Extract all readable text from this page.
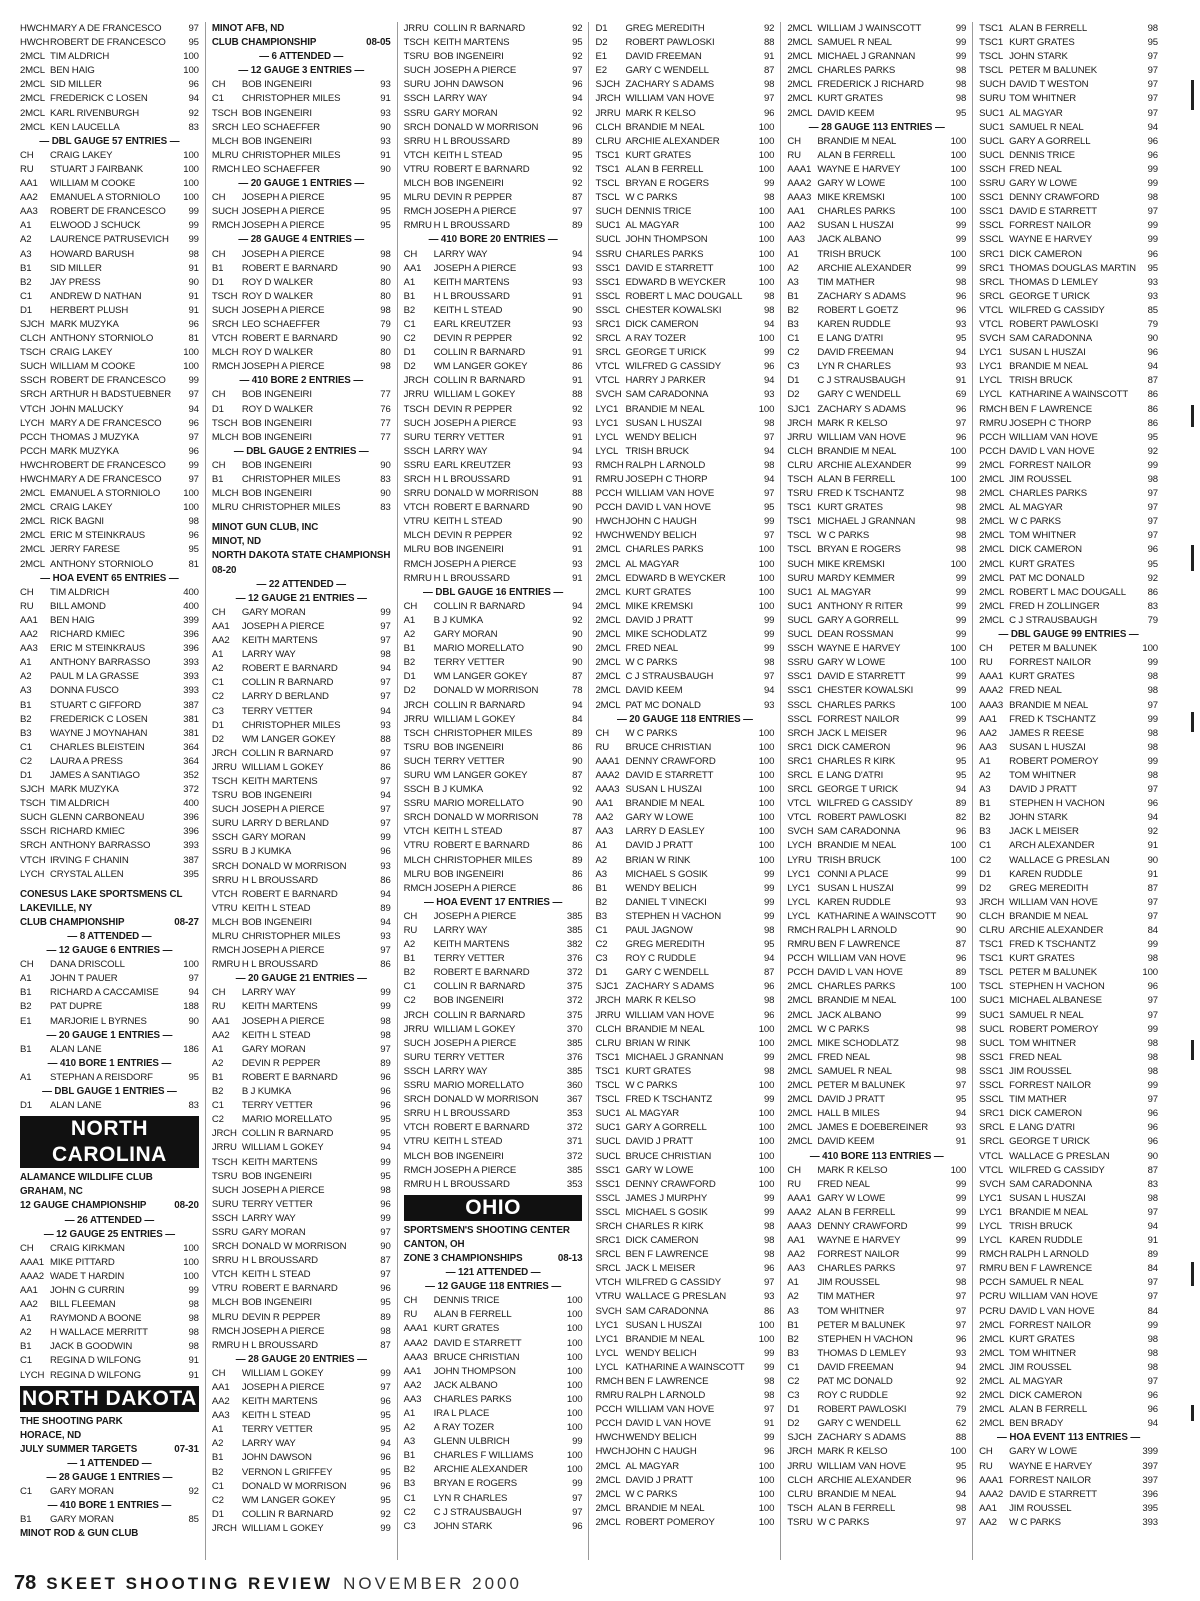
HWCH MARY A DE FRANCESCO	97
HWCH ROBERT DE FRANCESCO	95
2MCL TIM ALDRICH	100
2MCL BEN HAIG	100
2MCL SID MILLER	96
2MCL FREDERICK C LOSEN	94
2MCL KARL RIVENBURGH	92
2MCL KEN LAUCELLA	83
— DBL GAUGE 57 ENTRIES —
CH	CRAIG LAKEY	100
RU	STUART J FAIRBANK	100
AA1	WILLIAM M COOKE	100
AA2	EMANUEL A STORNIOLO	100
AA3	ROBERT DE FRANCESCO	99
A1	ELWOOD J SCHUCK	99
A2	LAURENCE PATRUSEVICH	99
A3	HOWARD BARUSH	98
B1	SID MILLER	91
B2	JAY PRESS	90
C1	ANDREW D NATHAN	91
D1	HERBERT PLUSH	91
SJCH MARK MUZYKA	96
CLCH ANTHONY STORNIOLO	81
TSCH CRAIG LAKEY	100
SUCH WILLIAM M COOKE	100
SSCH ROBERT DE FRANCESCO	99
SRCH ARTHUR H BADSTUEBNER	97
VTCH JOHN MALUCKY	94
LYCH MARY A DE FRANCESCO	96
PCCH THOMAS J MUZYKA	97
PCCH MARK MUZYKA	96
HWCH ROBERT DE FRANCESCO	99
HWCH MARY A DE FRANCESCO	97
2MCL EMANUEL A STORNIOLO	100
2MCL CRAIG LAKEY	100
2MCL RICK BAGNI	98
2MCL ERIC M STEINKRAUS	96
2MCL JERRY FARESE	95
2MCL ANTHONY STORNIOLO	81
— HOA EVENT 65 ENTRIES —
CH	TIM ALDRICH	400
RU	BILL AMOND	400
AA1	BEN HAIG	399
AA2	RICHARD KMIEC	396
AA3	ERIC M STEINKRAUS	396
A1	ANTHONY BARRASSO	393
A2	PAUL M LA GRASSE	393
A3	DONNA FUSCO	393
B1	STUART C GIFFORD	387
B2	FREDERICK C LOSEN	381
B3	WAYNE J MOYNAHAN	381
C1	CHARLES BLEISTEIN	364
C2	LAURA A PRESS	364
D1	JAMES A SANTIAGO	352
SJCH MARK MUZYKA	372
TSCH TIM ALDRICH	400
SUCH GLENN CARBONEAU	396
SSCH RICHARD KMIEC	396
SRCH ANTHONY BARRASSO	393
VTCH IRVING F CHANIN	387
LYCH CRYSTAL ALLEN	395
CONESUS LAKE SPORTSMENS CL
LAKEVILLE, NY
CLUB CHAMPIONSHIP	08-27
— 8 ATTENDED —
— 12 GAUGE 6 ENTRIES —
CH	DANA DRISCOLL	100
A1	JOHN T PAUER	97
B1	RICHARD A CACCAMISE	94
B2	PAT DUPRE	188
E1	MARJORIE L BYRNES	90
— 20 GAUGE 1 ENTRIES —
B1	ALAN LANE	186
— 410 BORE 1 ENTRIES —
A1	STEPHAN A REISDORF	95
— DBL GAUGE 1 ENTRIES —
D1	ALAN LANE	83
NORTH CAROLINA
ALAMANCE WILDLIFE CLUB
GRAHAM, NC
12 GAUGE CHAMPIONSHIP	08-20
— 26 ATTENDED —
— 12 GAUGE 25 ENTRIES —
CH	CRAIG KIRKMAN	100
AAA1 MIKE PITTARD	100
AAA2 WADE T HARDIN	100
AA1	JOHN G CURRIN	99
AA2	BILL FLEEMAN	98
A1	RAYMOND A BOONE	98
A2	H WALLACE MERRITT	98
B1	JACK B GOODWIN	98
C1	REGINA D WILFONG	91
LYCH REGINA D WILFONG	91
NORTH DAKOTA
THE SHOOTING PARK
HORACE, ND
JULY SUMMER TARGETS	07-31
— 1 ATTENDED —
— 28 GAUGE 1 ENTRIES —
C1	GARY MORAN	92
— 410 BORE 1 ENTRIES —
B1	GARY MORAN	85
MINOT ROD & GUN CLUB
MINOT AFB, ND
CLUB CHAMPIONSHIP	08-05
— 6 ATTENDED —
— 12 GAUGE 3 ENTRIES —
CH	BOB INGENEIRI	93
C1	CHRISTOPHER MILES	91
TSCH BOB INGENEIRI	93
SRCH LEO SCHAEFFER	90
MLCH BOB INGENEIRI	93
MLRU CHRISTOPHER MILES	91
RMCH LEO SCHAEFFER	90
— 20 GAUGE 1 ENTRIES —
CH	JOSEPH A PIERCE	95
SUCH JOSEPH A PIERCE	95
RMCH JOSEPH A PIERCE	95
— 28 GAUGE 4 ENTRIES —
CH	JOSEPH A PIERCE	98
B1	ROBERT E BARNARD	90
D1	ROY D WALKER	80
TSCH ROY D WALKER	80
SUCH JOSEPH A PIERCE	98
SRCH LEO SCHAEFFER	79
VTCH ROBERT E BARNARD	90
MLCH ROY D WALKER	80
RMCH JOSEPH A PIERCE	98
— 410 BORE 2 ENTRIES —
CH	BOB INGENEIRI	77
D1	ROY D WALKER	76
TSCH BOB INGENEIRI	77
MLCH BOB INGENEIRI	77
— DBL GAUGE 2 ENTRIES —
CH	BOB INGENEIRI	90
B1	CHRISTOPHER MILES	83
MLCH BOB INGENEIRI	90
MLRU CHRISTOPHER MILES	83
MINOT GUN CLUB, INC
MINOT, ND
NORTH DAKOTA STATE CHAMPIONSH
08-20
— 22 ATTENDED —
— 12 GAUGE 21 ENTRIES —
CH	GARY MORAN	99
AA1	JOSEPH A PIERCE	97
AA2	KEITH MARTENS	97
A1	LARRY WAY	98
A2	ROBERT E BARNARD	94
C1	COLLIN R BARNARD	97
C2	LARRY D BERLAND	97
C3	TERRY VETTER	94
D1	CHRISTOPHER MILES	93
D2	WM LANGER GOKEY	88
JRCH COLLIN R BARNARD	97
JRRU WILLIAM L GOKEY	86
TSCH KEITH MARTENS	97
TSRU BOB INGENEIRI	94
SUCH JOSEPH A PIERCE	97
SURU LARRY D BERLAND	97
SSCH GARY MORAN	99
SSRU B J KUMKA	96
SRCH DONALD W MORRISON	93
SRRU H L BROUSSARD	86
VTCH ROBERT E BARNARD	94
VTRU KEITH L STEAD	89
MLCH BOB INGENEIRI	94
MLRU CHRISTOPHER MILES	93
RMCH JOSEPH A PIERCE	97
RMRU H L BROUSSARD	86
— 20 GAUGE 21 ENTRIES —
CH	LARRY WAY	99
RU	KEITH MARTENS	99
AA1	JOSEPH A PIERCE	98
AA2	KEITH L STEAD	98
A1	GARY MORAN	97
A2	DEVIN R PEPPER	89
B1	ROBERT E BARNARD	96
B2	B J KUMKA	96
C1	TERRY VETTER	96
C2	MARIO MORELLATO	95
JRCH COLLIN R BARNARD	95
JRRU WILLIAM L GOKEY	94
TSCH KEITH MARTENS	99
TSRU BOB INGENEIRI	95
SUCH JOSEPH A PIERCE	98
SURU TERRY VETTER	96
SSCH LARRY WAY	99
SSRU GARY MORAN	97
SRCH DONALD W MORRISON	90
SRRU H L BROUSSARD	87
VTCH KEITH L STEAD	97
VTRU ROBERT E BARNARD	96
MLCH BOB INGENEIRI	95
MLRU DEVIN R PEPPER	89
RMCH JOSEPH A PIERCE	98
RMRU H L BROUSSARD	87
— 28 GAUGE 20 ENTRIES —
CH	WILLIAM L GOKEY	99
AA1	JOSEPH A PIERCE	97
AA2	KEITH MARTENS	96
AA3	KEITH L STEAD	95
A1	TERRY VETTER	95
A2	LARRY WAY	94
B1	JOHN DAWSON	96
B2	VERNON L GRIFFEY	95
C1	DONALD W MORRISON	96
C2	WM LANGER GOKEY	95
D1	COLLIN R BARNARD	92
JRCH WILLIAM L GOKEY	99
JRRU COLLIN R BARNARD	92
TSCH KEITH MARTENS	95
TSRU BOB INGENEIRI	92
SUCH JOSEPH A PIERCE	97
SURU JOHN DAWSON	96
SSCH LARRY WAY	94
SSRU GARY MORAN	92
SRCH DONALD W MORRISON	96
SRRU H L BROUSSARD	89
VTCH KEITH L STEAD	95
VTRU ROBERT E BARNARD	92
MLCH BOB INGENEIRI	92
MLRU DEVIN R PEPPER	87
RMCH JOSEPH A PIERCE	97
RMRU H L BROUSSARD	89
— 410 BORE 20 ENTRIES —
CH	LARRY WAY	94
AA1	JOSEPH A PIERCE	93
A1	KEITH MARTENS	93
B1	H L BROUSSARD	91
B2	KEITH L STEAD	90
C1	EARL KREUTZER	93
C2	DEVIN R PEPPER	92
D1	COLLIN R BARNARD	91
D2	WM LANGER GOKEY	86
JRCH COLLIN R BARNARD	91
JRRU WILLIAM L GOKEY	88
TSCH DEVIN R PEPPER	92
SUCH JOSEPH A PIERCE	93
SURU TERRY VETTER	91
SSCH LARRY WAY	94
SSRU EARL KREUTZER	93
SRCH H L BROUSSARD	91
SRRU DONALD W MORRISON	88
VTCH ROBERT E BARNARD	90
VTRU KEITH L STEAD	90
MLCH DEVIN R PEPPER	92
MLRU BOB INGENEIRI	91
RMCH JOSEPH A PIERCE	93
RMRU H L BROUSSARD	91
— DBL GAUGE 16 ENTRIES —
CH	COLLIN R BARNARD	94
A1	B J KUMKA	92
A2	GARY MORAN	90
B1	MARIO MORELLATO	90
B2	TERRY VETTER	90
D1	WM LANGER GOKEY	87
D2	DONALD W MORRISON	78
JRCH COLLIN R BARNARD	94
JRRU WILLIAM L GOKEY	84
TSCH CHRISTOPHER MILES	89
TSRU BOB INGENEIRI	86
SUCH TERRY VETTER	90
SURU WM LANGER GOKEY	87
SSCH B J KUMKA	92
SSRU MARIO MORELLATO	90
SRCH DONALD W MORRISON	78
VTCH KEITH L STEAD	87
VTRU ROBERT E BARNARD	86
MLCH CHRISTOPHER MILES	89
MLRU BOB INGENEIRI	86
RMCH JOSEPH A PIERCE	86
— HOA EVENT 17 ENTRIES —
CH	JOSEPH A PIERCE	385
RU	LARRY WAY	385
A2	KEITH MARTENS	382
B1	TERRY VETTER	376
B2	ROBERT E BARNARD	372
C1	COLLIN R BARNARD	375
C2	BOB INGENEIRI	372
JRCH COLLIN R BARNARD	375
JRRU WILLIAM L GOKEY	370
SUCH JOSEPH A PIERCE	385
SURU TERRY VETTER	376
SSCH LARRY WAY	385
SSRU MARIO MORELLATO	360
SRCH DONALD W MORRISON	367
SRRU H L BROUSSARD	353
VTCH ROBERT E BARNARD	372
VTRU KEITH L STEAD	371
MLCH BOB INGENEIRI	372
RMCH JOSEPH A PIERCE	385
RMRU H L BROUSSARD	353
OHIO
SPORTSMEN'S SHOOTING CENTER
CANTON, OH
ZONE 3 CHAMPIONSHIPS	08-13
— 121 ATTENDED —
— 12 GAUGE 118 ENTRIES —
CH	DENNIS TRICE	100
RU	ALAN B FERRELL	100
AAA1 KURT GRATES	100
AAA2 DAVID E STARRETT	100
AAA3 BRUCE CHRISTIAN	100
AA1	JOHN THOMPSON	100
AA2	JACK ALBANO	100
AA3	CHARLES PARKS	100
A1	IRA L PLACE	100
A2	A RAY TOZER	100
A3	GLENN ULBRICH	99
B1	CHARLES F WILLIAMS	100
B2	ARCHIE ALEXANDER	100
B3	BRYAN E ROGERS	99
C1	LYN R CHARLES	97
C2	C J STRAUSBAUGH	97
C3	JOHN STARK	96
D1	GREG MEREDITH	92
D2	ROBERT PAWLOSKI	88
E1	DAVID FREEMAN	91
E2	GARY C WENDELL	87
SJCH ZACHARY S ADAMS	98
JRCH WILLIAM VAN HOVE	97
JRRU MARK R KELSO	96
CLCH BRANDIE M NEAL	100
CLRU ARCHIE ALEXANDER	100
TSC1 KURT GRATES	100
TSC1 ALAN B FERRELL	100
TSCL BRYAN E ROGERS	99
TSCL W C PARKS	98
SUCH DENNIS TRICE	100
SUC1 AL MAGYAR	100
SUCL JOHN THOMPSON	100
SSRU CHARLES PARKS	100
SSC1 DAVID E STARRETT	100
SSC1 EDWARD B WEYCKER	100
SSCL ROBERT L MAC DOUGALL	98
SSCL CHESTER KOWALSKI	98
SRC1 DICK CAMERON	94
SRCL A RAY TOZER	100
SRCL GEORGE T URICK	99
VTCL WILFRED G CASSIDY	96
VTCL HARRY J PARKER	94
SVCH SAM CARADONNA	93
LYC1 BRANDIE M NEAL	100
LYC1 SUSAN L HUSZAI	98
LYCL WENDY BELICH	97
LYCL TRISH BRUCK	94
RMCH RALPH L ARNOLD	98
RMRU JOSEPH C THORP	94
PCCH WILLIAM VAN HOVE	97
PCCH DAVID L VAN HOVE	95
HWCH JOHN C HAUGH	99
HWCH WENDY BELICH	97
2MCL CHARLES PARKS	100
2MCL AL MAGYAR	100
2MCL EDWARD B WEYCKER	100
2MCL KURT GRATES	100
2MCL MIKE KREMSKI	100
2MCL DAVID J PRATT	99
2MCL MIKE SCHODLATZ	99
2MCL FRED NEAL	99
2MCL W C PARKS	98
2MCL C J STRAUSBAUGH	97
2MCL DAVID KEEM	94
2MCL PAT MC DONALD	93
— 20 GAUGE 118 ENTRIES —
CH	W C PARKS	100
RU	BRUCE CHRISTIAN	100
AAA1 DENNY CRAWFORD	100
AAA2 DAVID E STARRETT	100
AAA3 SUSAN L HUSZAI	100
AA1	BRANDIE M NEAL	100
AA2	GARY W LOWE	100
AA3	LARRY D EASLEY	100
A1	DAVID J PRATT	100
A2	BRIAN W RINK	100
A3	MICHAEL S GOSIK	99
B1	WENDY BELICH	99
B2	DANIEL T VINECKI	99
B3	STEPHEN H VACHON	99
C1	PAUL JAGNOW	98
C2	GREG MEREDITH	95
C3	ROY C RUDDLE	94
D1	GARY C WENDELL	87
SJC1 ZACHARY S ADAMS	96
JRCH MARK R KELSO	98
JRRU WILLIAM VAN HOVE	96
CLCH BRANDIE M NEAL	100
CLRU BRIAN W RINK	100
TSC1 MICHAEL J GRANNAN	99
TSC1 KURT GRATES	98
TSCL W C PARKS	100
TSCL FRED K TSCHANTZ	99
SUC1 AL MAGYAR	100
SUC1 GARY A GORRELL	100
SUCL DAVID J PRATT	100
SUCL BRUCE CHRISTIAN	100
SSC1 GARY W LOWE	100
SSC1 DENNY CRAWFORD	100
SSCL JAMES J MURPHY	99
SSCL MICHAEL S GOSIK	99
SRCH CHARLES R KIRK	98
SRC1 DICK CAMERON	98
SRCL BEN F LAWRENCE	98
SRCL JACK L MEISER	96
VTCH WILFRED G CASSIDY	97
VTRU WALLACE G PRESLAN	93
SVCH SAM CARADONNA	86
LYC1 SUSAN L HUSZAI	100
LYC1 BRANDIE M NEAL	100
LYCL WENDY BELICH	99
LYCL KATHARINE A WAINSCOTT	99
RMCH BEN F LAWRENCE	98
RMRU RALPH L ARNOLD	98
PCCH WILLIAM VAN HOVE	97
PCCH DAVID L VAN HOVE	91
HWCH WENDY BELICH	99
HWCH JOHN C HAUGH	96
2MCL AL MAGYAR	100
2MCL DAVID J PRATT	100
2MCL W C PARKS	100
2MCL BRANDIE M NEAL	100
2MCL ROBERT POMEROY	100
2MCL WILLIAM J WAINSCOTT	99
2MCL SAMUEL R NEAL	99
2MCL MICHAEL J GRANNAN	99
2MCL CHARLES PARKS	98
2MCL FREDERICK J RICHARD	98
2MCL KURT GRATES	98
2MCL DAVID KEEM	95
— 28 GAUGE 113 ENTRIES —
CH	BRANDIE M NEAL	100
RU	ALAN B FERRELL	100
AAA1 WAYNE E HARVEY	100
AAA2 GARY W LOWE	100
AAA3 MIKE KREMSKI	100
AA1	CHARLES PARKS	100
AA2	SUSAN L HUSZAI	99
AA3	JACK ALBANO	99
A1	TRISH BRUCK	100
A2	ARCHIE ALEXANDER	99
A3	TIM MATHER	98
B1	ZACHARY S ADAMS	96
B2	ROBERT L GOETZ	96
B3	KAREN RUDDLE	93
C1	E LANG D'ATRI	95
C2	DAVID FREEMAN	94
C3	LYN R CHARLES	93
D1	C J STRAUSBAUGH	91
D2	GARY C WENDELL	69
SJC1 ZACHARY S ADAMS	96
JRCH MARK R KELSO	97
JRRU WILLIAM VAN HOVE	96
CLCH BRANDIE M NEAL	100
CLRU ARCHIE ALEXANDER	99
TSCH ALAN B FERRELL	100
TSRU FRED K TSCHANTZ	98
TSC1 KURT GRATES	98
TSC1 MICHAEL J GRANNAN	98
TSCL W C PARKS	98
TSCL BRYAN E ROGERS	98
SUCH MIKE KREMSKI	100
SURU MARDY KEMMER	99
SUC1 AL MAGYAR	99
SUC1 ANTHONY R RITER	99
SUCL GARY A GORRELL	99
SUCL DEAN ROSSMAN	99
SSCH WAYNE E HARVEY	100
SSRU GARY W LOWE	100
SSC1 DAVID E STARRETT	99
SSC1 CHESTER KOWALSKI	99
SSCL CHARLES PARKS	100
SSCL FORREST NAILOR	99
SRCH JACK L MEISER	96
SRC1 DICK CAMERON	96
SRC1 CHARLES R KIRK	95
SRCL E LANG D'ATRI	95
SRCL GEORGE T URICK	94
VTCL WILFRED G CASSIDY	89
VTCL ROBERT PAWLOSKI	82
SVCH SAM CARADONNA	96
LYCH BRANDIE M NEAL	100
LYRU TRISH BRUCK	100
LYC1 CONNI A PLACE	99
LYC1 SUSAN L HUSZAI	99
LYCL KAREN RUDDLE	93
LYCL KATHARINE A WAINSCOTT	90
RMCH RALPH L ARNOLD	90
RMRU BEN F LAWRENCE	87
PCCH WILLIAM VAN HOVE	96
PCCH DAVID L VAN HOVE	89
2MCL CHARLES PARKS	100
2MCL BRANDIE M NEAL	100
2MCL JACK ALBANO	99
2MCL W C PARKS	98
2MCL MIKE SCHODLATZ	98
2MCL FRED NEAL	98
2MCL SAMUEL R NEAL	98
2MCL PETER M BALUNEK	97
2MCL DAVID J PRATT	95
2MCL HALL B MILES	94
2MCL JAMES E DOEBEREINER	93
2MCL DAVID KEEM	91
— 410 BORE 113 ENTRIES —
CH	MARK R KELSO	100
RU	FRED NEAL	99
AAA1 GARY W LOWE	99
AAA2 ALAN B FERRELL	99
AAA3 DENNY CRAWFORD	99
AA1	WAYNE E HARVEY	99
AA2	FORREST NAILOR	99
AA3	CHARLES PARKS	97
A1	JIM ROUSSEL	98
A2	TIM MATHER	97
A3	TOM WHITNER	97
B1	PETER M BALUNEK	97
B2	STEPHEN H VACHON	96
B3	THOMAS D LEMLEY	93
C1	DAVID FREEMAN	94
C2	PAT MC DONALD	92
C3	ROY C RUDDLE	92
D1	ROBERT PAWLOSKI	79
D2	GARY C WENDELL	62
SJCH ZACHARY S ADAMS	88
JRCH MARK R KELSO	100
JRRU WILLIAM VAN HOVE	95
CLCH ARCHIE ALEXANDER	96
CLRU BRANDIE M NEAL	94
TSCH ALAN B FERRELL	98
TSRU W C PARKS	97
TSC1 ALAN B FERRELL	98
TSC1 KURT GRATES	95
TSCL JOHN STARK	97
TSCL PETER M BALUNEK	97
SUCH DAVID T WESTON	97
SURU TOM WHITNER	97
SUC1 AL MAGYAR	97
SUC1 SAMUEL R NEAL	94
SUCL GARY A GORRELL	96
SUCL DENNIS TRICE	96
SSCH FRED NEAL	99
SSRU GARY W LOWE	99
SSC1 DENNY CRAWFORD	98
SSC1 DAVID E STARRETT	97
SSCL FORREST NAILOR	99
SSCL WAYNE E HARVEY	99
SRC1 DICK CAMERON	96
SRC1 THOMAS DOUGLAS MARTIN	95
SRCL THOMAS D LEMLEY	93
SRCL GEORGE T URICK	93
VTCL WILFRED G CASSIDY	85
VTCL ROBERT PAWLOSKI	79
SVCH SAM CARADONNA	90
LYC1 SUSAN L HUSZAI	96
LYC1 BRANDIE M NEAL	94
LYCL TRISH BRUCK	87
LYCL KATHARINE A WAINSCOTT	86
RMCH BEN F LAWRENCE	86
RMRU JOSEPH C THORP	86
PCCH WILLIAM VAN HOVE	95
PCCH DAVID L VAN HOVE	92
2MCL FORREST NAILOR	99
2MCL JIM ROUSSEL	98
2MCL CHARLES PARKS	97
2MCL AL MAGYAR	97
2MCL W C PARKS	97
2MCL TOM WHITNER	97
2MCL DICK CAMERON	96
2MCL KURT GRATES	95
2MCL PAT MC DONALD	92
2MCL ROBERT L MAC DOUGALL	86
2MCL FRED H ZOLLINGER	83
2MCL C J STRAUSBAUGH	79
— DBL GAUGE 99 ENTRIES —
CH	PETER M BALUNEK	100
RU	FORREST NAILOR	99
AAA1 KURT GRATES	98
AAA2 FRED NEAL	98
AAA3 BRANDIE M NEAL	97
AA1	FRED K TSCHANTZ	99
AA2	JAMES R REESE	98
AA3	SUSAN L HUSZAI	98
A1	ROBERT POMEROY	99
A2	TOM WHITNER	98
A3	DAVID J PRATT	97
B1	STEPHEN H VACHON	96
B2	JOHN STARK	94
B3	JACK L MEISER	92
C1	ARCH ALEXANDER	91
C2	WALLACE G PRESLAN	90
D1	KAREN RUDDLE	91
D2	GREG MEREDITH	87
JRCH WILLIAM VAN HOVE	97
CLCH BRANDIE M NEAL	97
CLRU ARCHIE ALEXANDER	84
TSC1 FRED K TSCHANTZ	99
TSC1 KURT GRATES	98
TSCL PETER M BALUNEK	100
TSCL STEPHEN H VACHON	96
SUC1 MICHAEL ALBANESE	97
SUC1 SAMUEL R NEAL	97
SUCL ROBERT POMEROY	99
SUCL TOM WHITNER	98
SSC1 FRED NEAL	98
SSC1 JIM ROUSSEL	98
SSCL FORREST NAILOR	99
SSCL TIM MATHER	97
SRC1 DICK CAMERON	96
SRCL E LANG D'ATRI	96
SRCL GEORGE T URICK	96
VTCL WALLACE G PRESLAN	90
VTCL WILFRED G CASSIDY	87
SVCH SAM CARADONNA	83
LYC1 SUSAN L HUSZAI	98
LYC1 BRANDIE M NEAL	97
LYCL TRISH BRUCK	94
LYCL KAREN RUDDLE	91
RMCH RALPH L ARNOLD	89
RMRU BEN F LAWRENCE	84
PCCH SAMUEL R NEAL	97
PCRU WILLIAM VAN HOVE	97
PCRU DAVID L VAN HOVE	84
2MCL FORREST NAILOR	99
2MCL KURT GRATES	98
2MCL TOM WHITNER	98
2MCL JIM ROUSSEL	98
2MCL AL MAGYAR	97
2MCL DICK CAMERON	96
2MCL ALAN B FERRELL	96
2MCL BEN BRADY	94
— HOA EVENT 113 ENTRIES —
CH	GARY W LOWE	399
RU	WAYNE E HARVEY	397
AAA1 FORREST NAILOR	397
AAA2 DAVID E STARRETT	396
AA1	JIM ROUSSEL	395
AA2	W C PARKS	393
78 SKEET SHOOTING REVIEW NOVEMBER 2000
